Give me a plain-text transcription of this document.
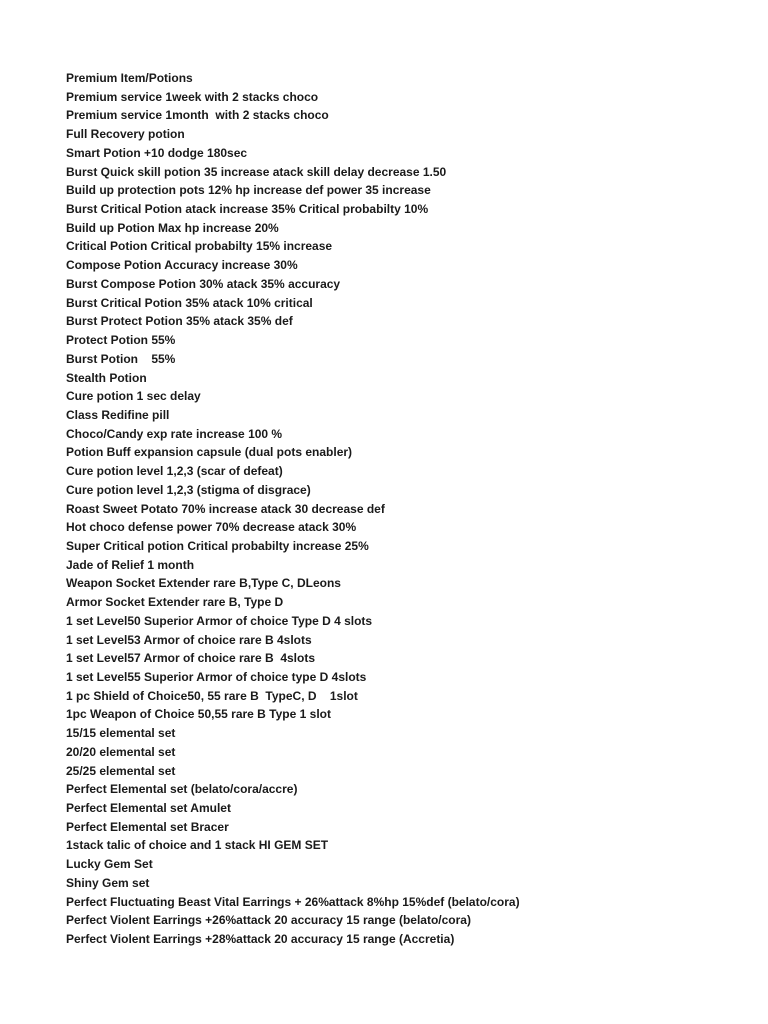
Premium Item/Potions
Premium service 1week with 2 stacks choco
Premium service 1month  with 2 stacks choco
Full Recovery potion
Smart Potion +10 dodge 180sec
Burst Quick skill potion 35 increase atack skill delay decrease 1.50
Build up protection pots 12% hp increase def power 35 increase
Burst Critical Potion atack increase 35% Critical probabilty 10%
Build up Potion Max hp increase 20%
Critical Potion Critical probabilty 15% increase
Compose Potion Accuracy increase 30%
Burst Compose Potion 30% atack 35% accuracy
Burst Critical Potion 35% atack 10% critical
Burst Protect Potion 35% atack 35% def
Protect Potion 55%
Burst Potion    55%
Stealth Potion
Cure potion 1 sec delay
Class Redifine pill
Choco/Candy exp rate increase 100 %
Potion Buff expansion capsule (dual pots enabler)
Cure potion level 1,2,3 (scar of defeat)
Cure potion level 1,2,3 (stigma of disgrace)
Roast Sweet Potato 70% increase atack 30 decrease def
Hot choco defense power 70% decrease atack 30%
Super Critical potion Critical probabilty increase 25%
Jade of Relief 1 month
Weapon Socket Extender rare B,Type C, DLeons
Armor Socket Extender rare B, Type D
1 set Level50 Superior Armor of choice Type D 4 slots
1 set Level53 Armor of choice rare B 4slots
1 set Level57 Armor of choice rare B  4slots
1 set Level55 Superior Armor of choice type D 4slots
1 pc Shield of Choice50, 55 rare B  TypeC, D    1slot
1pc Weapon of Choice 50,55 rare B Type 1 slot
15/15 elemental set
20/20 elemental set
25/25 elemental set
Perfect Elemental set (belato/cora/accre)
Perfect Elemental set Amulet
Perfect Elemental set Bracer
1stack talic of choice and 1 stack HI GEM SET
Lucky Gem Set
Shiny Gem set
Perfect Fluctuating Beast Vital Earrings + 26%attack 8%hp 15%def (belato/cora)
Perfect Violent Earrings +26%attack 20 accuracy 15 range (belato/cora)
Perfect Violent Earrings +28%attack 20 accuracy 15 range (Accretia)
